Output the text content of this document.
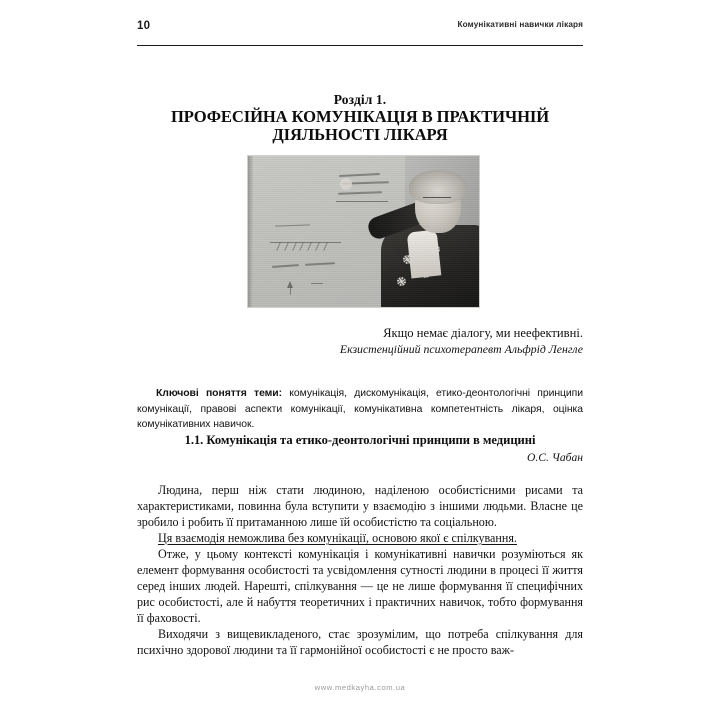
10	Комунікативні навички лікаря
Розділ 1.
ПРОФЕСІЙНА КОМУНІКАЦІЯ В ПРАКТИЧНІЙ ДІЯЛЬНОСТІ ЛІКАРЯ
Якщо немає діалогу, ми неефективні.
Екзистенційний психотерапевт Альфрід Ленгле

Ключові поняття теми: комунікація, дискомунікація, етико-деонтологічні принципи комунікації, правові аспекти комунікації, комунікативна компетентність лікаря, оцінка комунікативних навичок.

1.1. Комунікація та етико-деонтологічні принципи в медицині
О.С. Чабан

Людина, перш ніж стати людиною, наділеною особистісними рисами та характеристиками, повинна була вступити у взаємодію з іншими людьми. Власне це зробило і робить її притаманною лише їй особистістю та соціальною.

Ця взаємодія неможлива без комунікації, основою якої є спілкування.

Отже, у цьому контексті комунікація і комунікативні навички розуміються як елемент формування особистості та усвідомлення сутності людини в процесі її життя серед інших людей. Нарешті, спілкування — це не лише формування її специфічних рис особистості, але й набуття теоретичних і практичних навичок, тобто формування її фаховості.

Виходячи з вищевикладеного, стає зрозумілим, що потреба спілкування для психічно здорової людини та її гармонійної особистості є не просто важ-

www.medkayha.com.ua
